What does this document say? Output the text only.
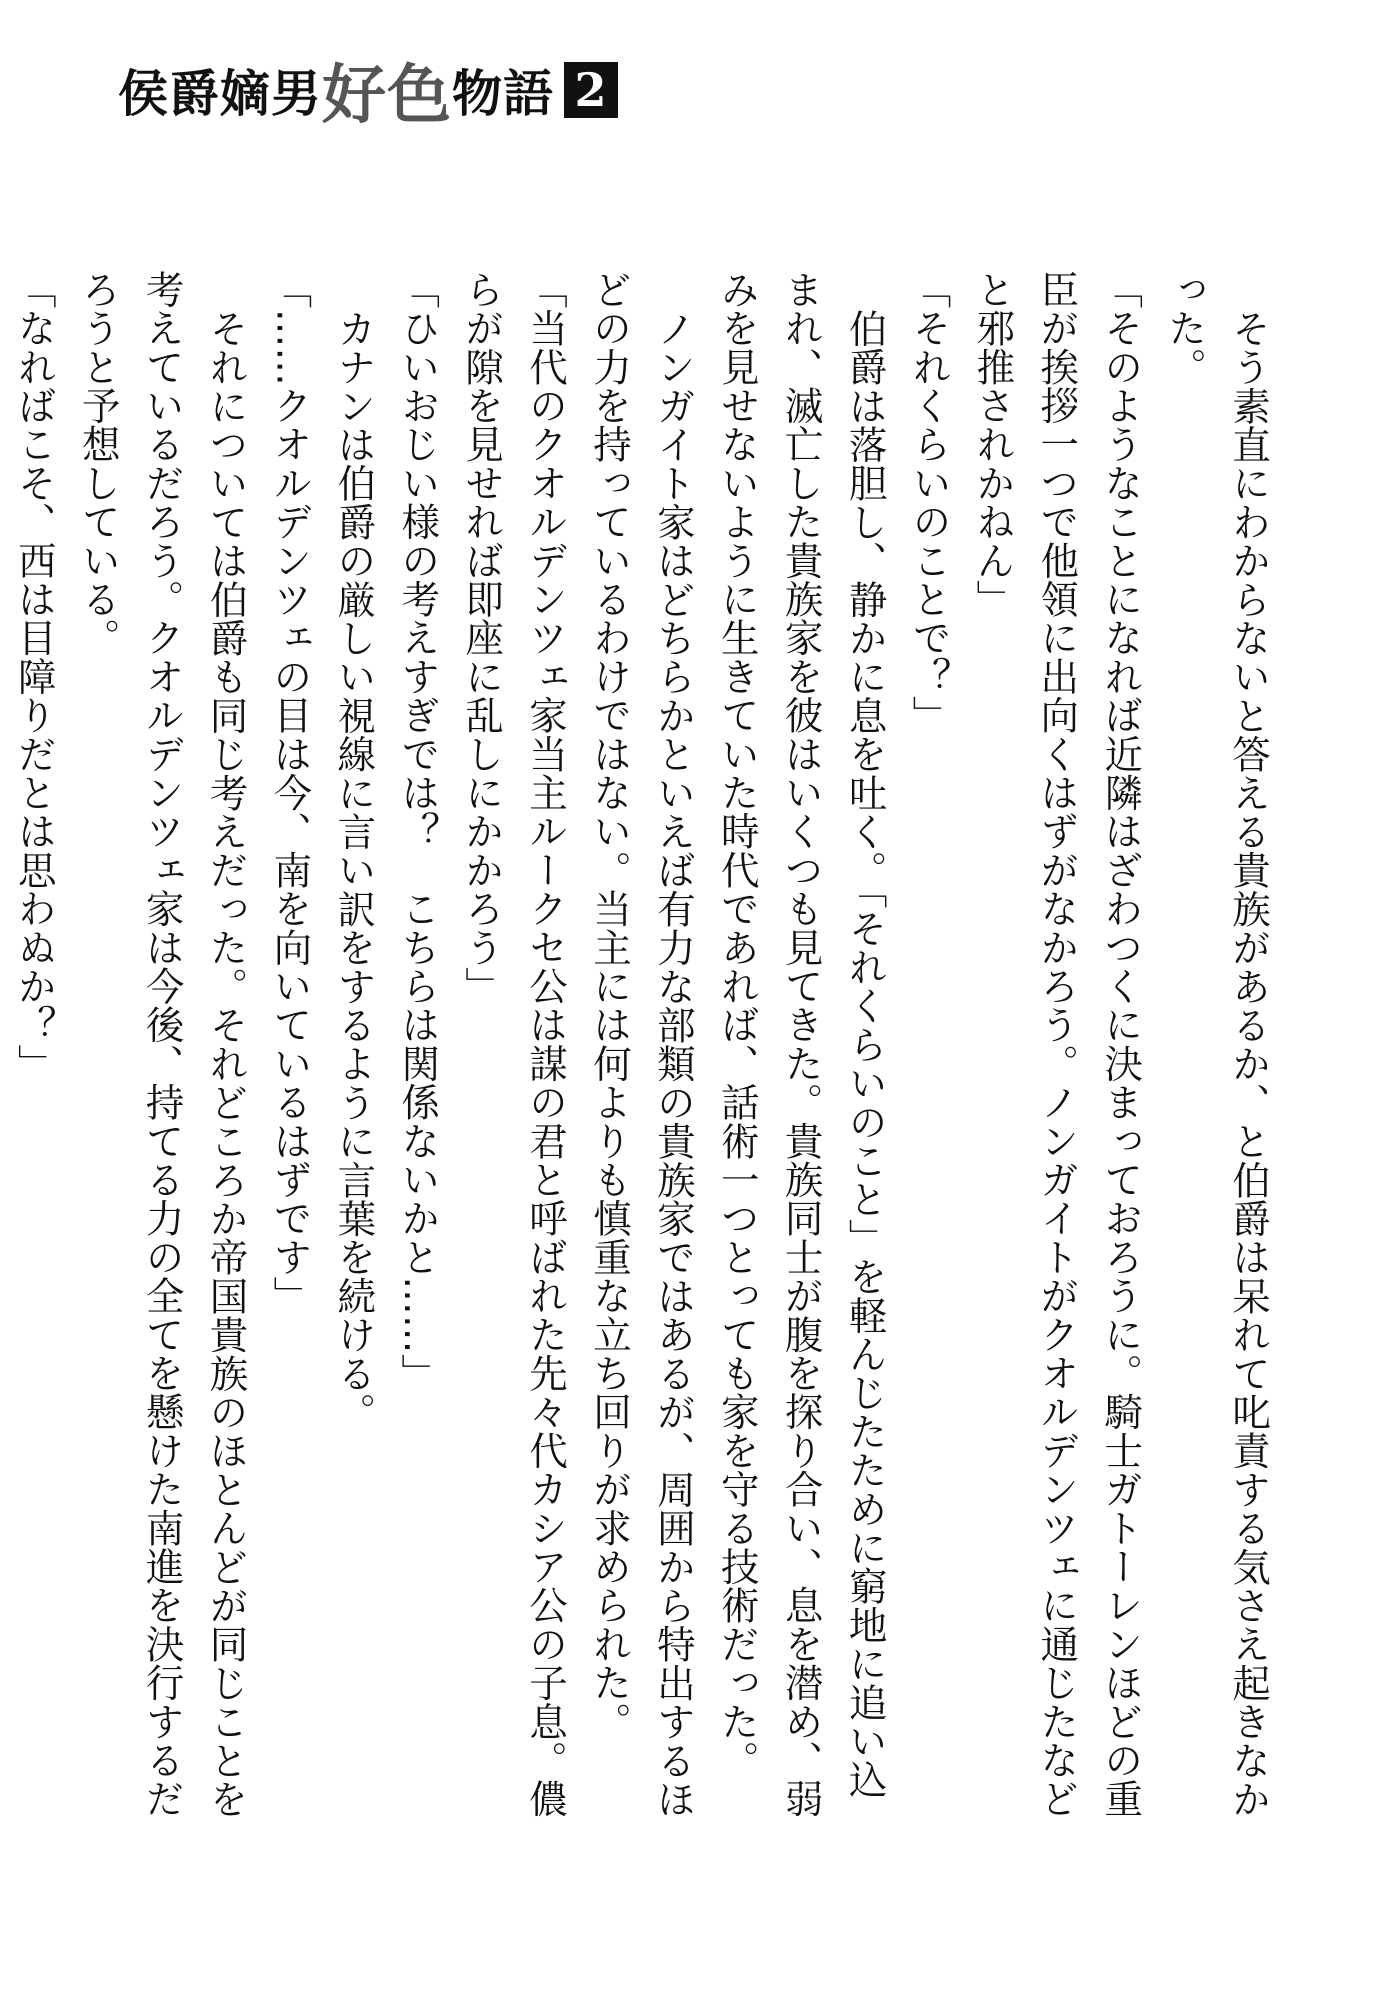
侯爵嫡男 好色 物語 2

そう素直にわからないと答える貴族があるか、と伯爵は呆れて叱責する気さえ起きなかった。

「そのようなことになれば近隣はざわつくに決まっておろうに。騎士ガトーレンほどの重臣が挨拶一つで他領に出向くはずがなかろう。ノンガイトがクオルデンツェに通じたなどと邪推されかねん」

「それくらいのことで？」

伯爵は落胆し、静かに息を吐く。「それくらいのこと」を軽んじたために窮地に追い込まれ、滅亡した貴族家を彼はいくつも見てきた。貴族同士が腹を探り合い、息を潜め、弱みを見せないように生きていた時代であれば、話術一つとっても家を守る技術だった。

ノンガイト家はどちらかといえば有力な部類の貴族家ではあるが、周囲から特出するほどの力を持っているわけではない。当主には何よりも慎重な立ち回りが求められた。

「当代のクオルデンツェ家当主ルークセ公は謀の君と呼ばれた先々代カシア公の子息。儂らが隙を見せれば即座に乱しにかかろう」

「ひいおじい様の考えすぎでは？　こちらは関係ないかと……」

カナンは伯爵の厳しい視線に言い訳をするように言葉を続ける。

「……クオルデンツェの目は今、南を向いているはずです」

それについては伯爵も同じ考えだった。それどころか帝国貴族のほとんどが同じことを考えているだろう。クオルデンツェ家は今後、持てる力の全てを懸けた南進を決行するだろうと予想している。

「なればこそ、西は目障りだとは思わぬか？」
